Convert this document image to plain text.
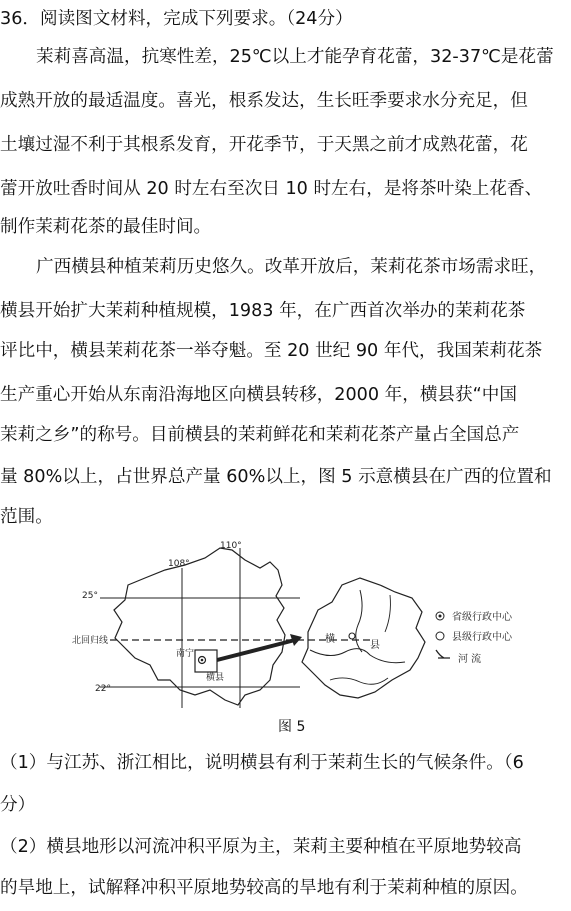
36．阅读图文材料，完成下列要求。（24分）
茉莉喜高温，抗寒性差，25℃以上才能孕育花蕾，32-37℃是花蕾
成熟开放的最适温度。喜光，根系发达，生长旺季要求水分充足，但
土壤过湿不利于其根系发育，开花季节，于天黑之前才成熟花蕾，花
蕾开放吐香时间从 20 时左右至次日 10 时左右，是将茶叶染上花香、
制作茉莉花茶的最佳时间。
广西横县种植茉莉历史悠久。改革开放后，茉莉花茶市场需求旺，
横县开始扩大茉莉种植规模，1983 年，在广西首次举办的茉莉花茶
评比中，横县茉莉花茶一举夺魁。至 20 世纪 90 年代，我国茉莉花茶
生产重心开始从东南沿海地区向横县转移，2000 年，横县获“中国
茉莉之乡”的称号。目前横县的茉莉鲜花和茉莉花茶产量占全国总产
量 80%以上，占世界总产量 60%以上，图 5 示意横县在广西的位置和
范围。
110°
108°
25°
22°
北回归线
南宁
横县
横
县
省级行政中心
县级行政中心
河 流
图 5
（1）与江苏、浙江相比，说明横县有利于茉莉生长的气候条件。（6
分）
（2）横县地形以河流冲积平原为主，茉莉主要种植在平原地势较高
的旱地上，试解释冲积平原地势较高的旱地有利于茉莉种植的原因。
